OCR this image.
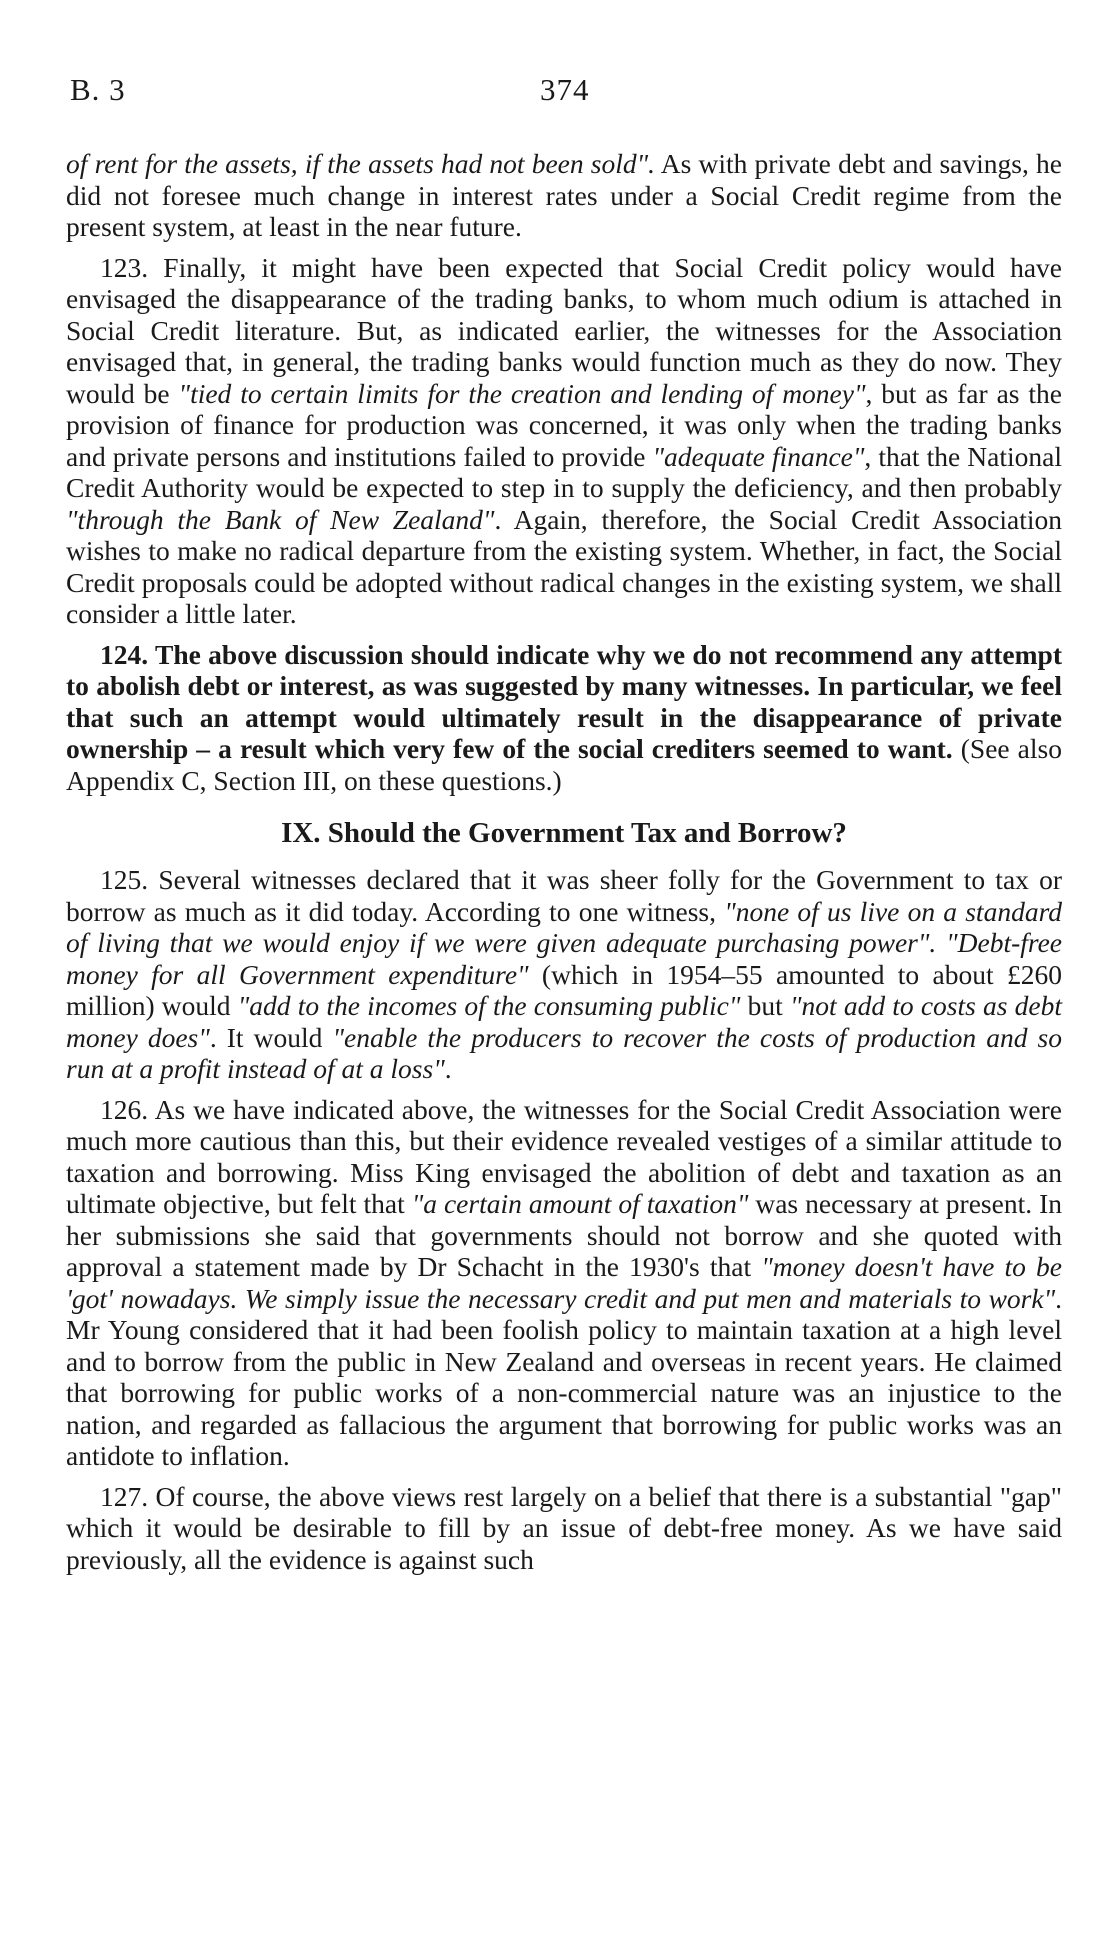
B. 3	374

of rent for the assets, if the assets had not been sold". As with private debt and savings, he did not foresee much change in interest rates under a Social Credit regime from the present system, at least in the near future.

123. Finally, it might have been expected that Social Credit policy would have envisaged the disappearance of the trading banks, to whom much odium is attached in Social Credit literature. But, as indicated earlier, the witnesses for the Association envisaged that, in general, the trading banks would function much as they do now. They would be "tied to certain limits for the creation and lending of money", but as far as the provision of finance for production was concerned, it was only when the trading banks and private persons and institutions failed to provide "adequate finance", that the National Credit Authority would be expected to step in to supply the deficiency, and then probably "through the Bank of New Zealand". Again, therefore, the Social Credit Association wishes to make no radical departure from the existing system. Whether, in fact, the Social Credit proposals could be adopted without radical changes in the existing system, we shall consider a little later.

124. The above discussion should indicate why we do not recommend any attempt to abolish debt or interest, as was suggested by many witnesses. In particular, we feel that such an attempt would ultimately result in the disappearance of private ownership – a result which very few of the social crediters seemed to want. (See also Appendix C, Section III, on these questions.)

IX. Should the Government Tax and Borrow?

125. Several witnesses declared that it was sheer folly for the Government to tax or borrow as much as it did today. According to one witness, "none of us live on a standard of living that we would enjoy if we were given adequate purchasing power". "Debt-free money for all Government expenditure" (which in 1954–55 amounted to about £260 million) would "add to the incomes of the consuming public" but "not add to costs as debt money does". It would "enable the producers to recover the costs of production and so run at a profit instead of at a loss".

126. As we have indicated above, the witnesses for the Social Credit Association were much more cautious than this, but their evidence revealed vestiges of a similar attitude to taxation and borrowing. Miss King envisaged the abolition of debt and taxation as an ultimate objective, but felt that "a certain amount of taxation" was necessary at present. In her submissions she said that governments should not borrow and she quoted with approval a statement made by Dr Schacht in the 1930's that "money doesn't have to be 'got' nowadays. We simply issue the necessary credit and put men and materials to work". Mr Young considered that it had been foolish policy to maintain taxation at a high level and to borrow from the public in New Zealand and overseas in recent years. He claimed that borrowing for public works of a non-commercial nature was an injustice to the nation, and regarded as fallacious the argument that borrowing for public works was an antidote to inflation.

127. Of course, the above views rest largely on a belief that there is a substantial "gap" which it would be desirable to fill by an issue of debt-free money. As we have said previously, all the evidence is against such
